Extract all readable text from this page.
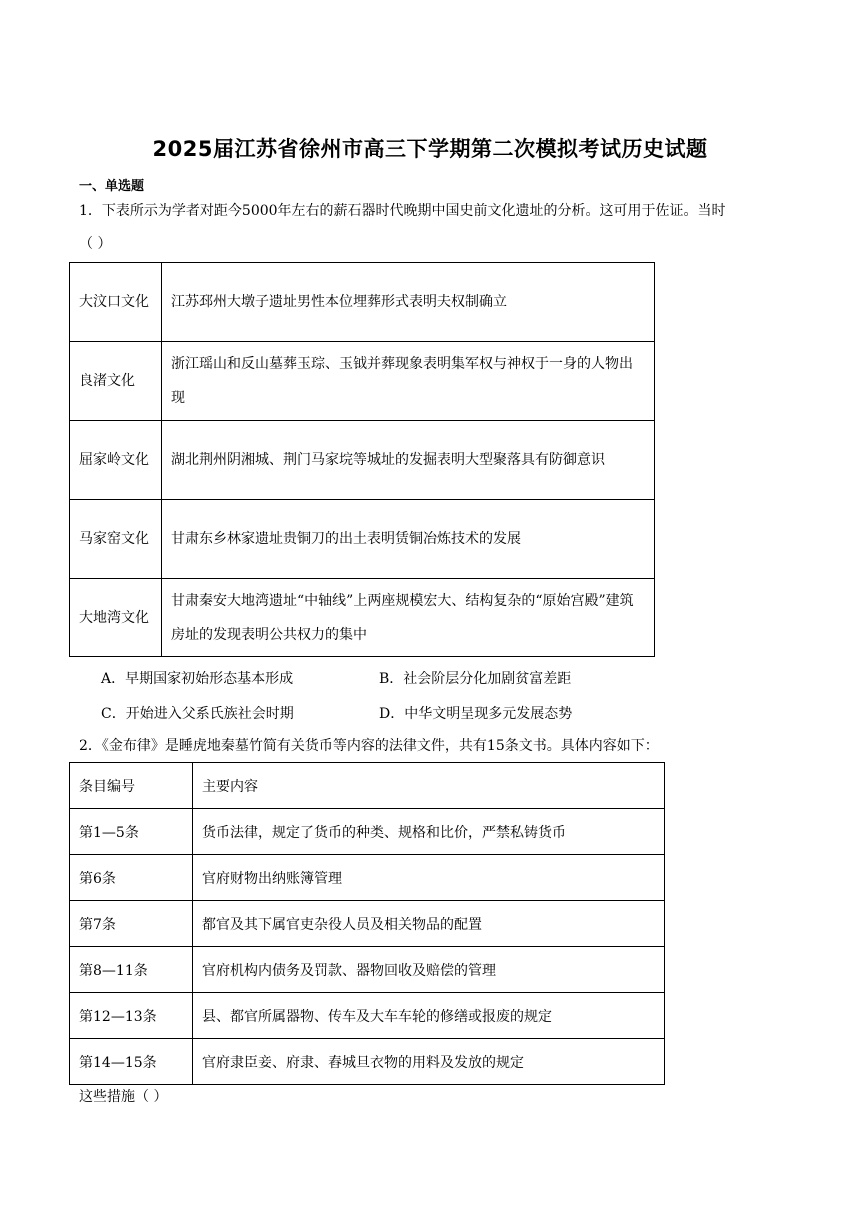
2025届江苏省徐州市高三下学期第二次模拟考试历史试题
一、单选题
1．下表所示为学者对距今5000年左右的薪石器时代晚期中国史前文化遗址的分析。这可用于佐证。当时
（ ）
大汶口文化	江苏邳州大墩子遗址男性本位埋葬形式表明夫权制确立
良渚文化	浙江瑶山和反山墓葬玉琮、玉钺并葬现象表明集军权与神权于一身的人物出现
屈家岭文化	湖北荆州阴湘城、荆门马家垸等城址的发掘表明大型聚落具有防御意识
马家窑文化	甘肃东乡林家遗址贵铜刀的出土表明赁铜冶炼技术的发展
大地湾文化	甘肃秦安大地湾遗址“中轴线”上两座规模宏大、结构复杂的“原始宫殿”建筑房址的发现表明公共权力的集中
A．早期国家初始形态基本形成	B．社会阶层分化加剧贫富差距
C．开始进入父系氏族社会时期	D．中华文明呈现多元发展态势
2．《金布律》是睡虎地秦墓竹简有关货币等内容的法律文件，共有15条文书。具体内容如下：
条目编号	主要内容
第1—5条	货币法律，规定了货币的种类、规格和比价，严禁私铸货币
第6条	官府财物出纳账簿管理
第7条	都官及其下属官吏杂役人员及相关物品的配置
第8—11条	官府机构内债务及罚款、器物回收及赔偿的管理
第12—13条	县、都官所属器物、传车及大车车轮的修缮或报废的规定
第14—15条	官府隶臣妾、府隶、舂城旦衣物的用料及发放的规定
这些措施（ ）
